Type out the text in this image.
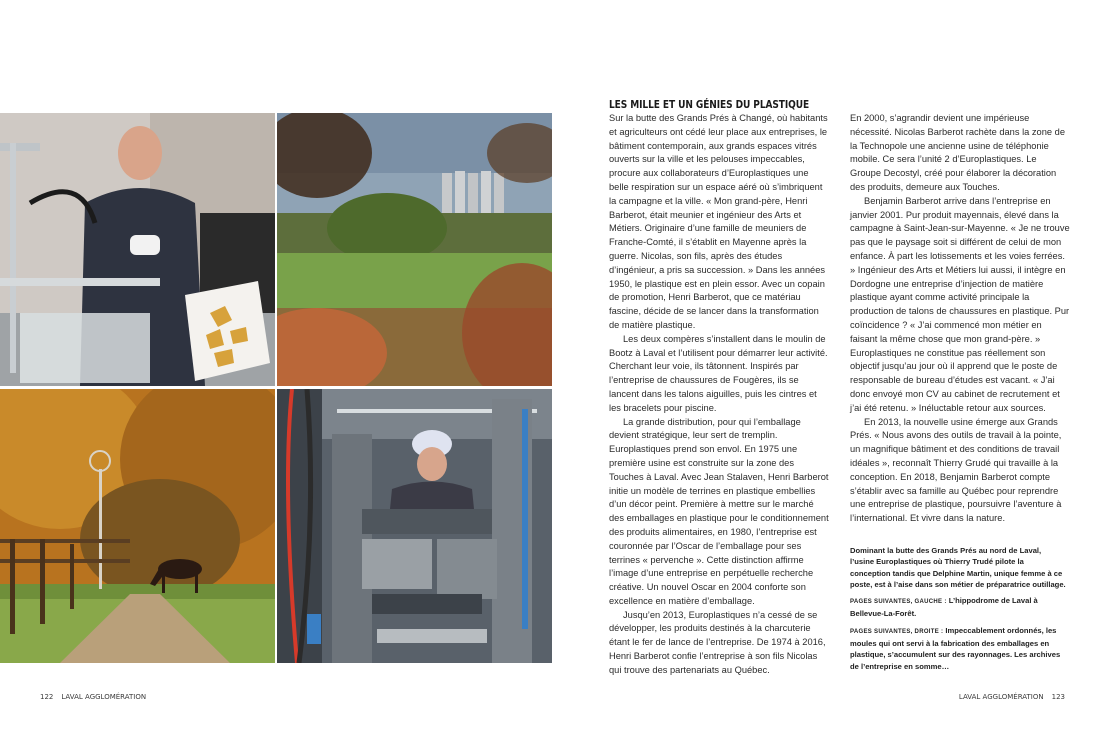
LES MILLE ET UN GÉNIES DU PLASTIQUE

Sur la butte des Grands Prés à Changé, où habitants et agriculteurs ont cédé leur place aux entreprises, le bâtiment contemporain, aux grands espaces vitrés ouverts sur la ville et les pelouses impeccables, procure aux collaborateurs d’Europlastiques une belle respiration sur un espace aéré où s’imbriquent la campagne et la ville. « Mon grand-père, Henri Barberot, était meunier et ingénieur des Arts et Métiers. Originaire d’une famille de meuniers de Franche-Comté, il s’établit en Mayenne après la guerre. Nicolas, son fils, après des études d’ingénieur, a pris sa succession. » Dans les années 1950, le plastique est en plein essor. Avec un copain de promotion, Henri Barberot, que ce matériau fascine, décide de se lancer dans la transformation de matière plastique.

Les deux compères s’installent dans le moulin de Bootz à Laval et l’utilisent pour démarrer leur activité. Cherchant leur voie, ils tâtonnent. Inspirés par l’entreprise de chaussures de Fougères, ils se lancent dans les talons aiguilles, puis les cintres et les bracelets pour piscine.

La grande distribution, pour qui l’emballage devient stratégique, leur sert de tremplin. Europlastiques prend son envol. En 1975 une première usine est construite sur la zone des Touches à Laval. Avec Jean Stalaven, Henri Barberot initie un modèle de terrines en plastique embellies d’un décor peint. Première à mettre sur le marché des emballages en plastique pour le conditionnement des produits alimentaires, en 1980, l’entreprise est couronnée par l’Oscar de l’emballage pour ses terrines « pervenche ». Cette distinction affirme l’image d’une entreprise en perpétuelle recherche créative. Un nouvel Oscar en 2004 conforte son excellence en matière d’emballage.

Jusqu’en 2013, Europlastiques n’a cessé de se développer, les produits destinés à la charcuterie étant le fer de lance de l’entreprise. De 1974 à 2016, Henri Barberot confie l’entreprise à son fils Nicolas qui trouve des partenariats au Québec.

En 2000, s’agrandir devient une impérieuse nécessité. Nicolas Barberot rachète dans la zone de la Technopole une ancienne usine de téléphonie mobile. Ce sera l’unité 2 d’Europlastiques. Le Groupe Decostyl, créé pour élaborer la décoration des produits, demeure aux Touches.

Benjamin Barberot arrive dans l’entreprise en janvier 2001. Pur produit mayennais, élevé dans la campagne à Saint-Jean-sur-Mayenne. « Je ne trouve pas que le paysage soit si différent de celui de mon enfance. À part les lotissements et les voies ferrées. » Ingénieur des Arts et Métiers lui aussi, il intègre en Dordogne une entreprise d’injection de matière plastique ayant comme activité principale la production de talons de chaussures en plastique. Pur coïncidence ? « J’ai commencé mon métier en faisant la même chose que mon grand-père. » Europlastiques ne constitue pas réellement son objectif jusqu’au jour où il apprend que le poste de responsable de bureau d’études est vacant. « J’ai donc envoyé mon CV au cabinet de recrutement et j’ai été retenu. » Inéluctable retour aux sources.

En 2013, la nouvelle usine émerge aux Grands Prés. « Nous avons des outils de travail à la pointe, un magnifique bâtiment et des conditions de travail idéales », reconnaît Thierry Grudé qui travaille à la conception. En 2018, Benjamin Barberot compte s’établir avec sa famille au Québec pour reprendre une entreprise de plastique, poursuivre l’aventure à l’international. Et vivre dans la nature.

Dominant la butte des Grands Prés au nord de Laval, l’usine Europlastiques où Thierry Trudé pilote la conception tandis que Delphine Martin, unique femme à ce poste, est à l’aise dans son métier de préparatrice outillage.

PAGES SUIVANTES, GAUCHE : L’hippodrome de Laval à Bellevue-La-Forêt.

PAGES SUIVANTES, DROITE : Impeccablement ordonnés, les moules qui ont servi à la fabrication des emballages en plastique, s’accumulent sur des rayonnages. Les archives de l’entreprise en somme…

122 LAVAL AGGLOMÉRATION	LAVAL AGGLOMÉRATION 123
